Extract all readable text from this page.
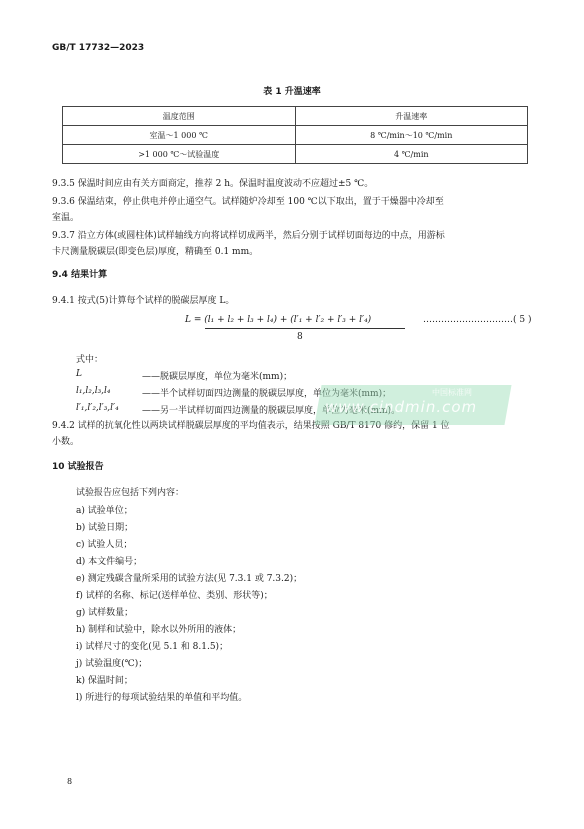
GB/T 17732—2023
表 1 升温速率
温度范围	升温速率
室温～1 000 ℃	8 ℃/min～10 ℃/min
>1 000 ℃～试验温度	4 ℃/min
9.3.5 保温时间应由有关方面商定，推荐 2 h。保温时温度波动不应超过±5 ℃。
9.3.6 保温结束，停止供电并停止通空气。试样随炉冷却至 100 ℃以下取出，置于干燥器中冷却至
室温。
9.3.7 沿立方体(或圆柱体)试样轴线方向将试样切成两半，然后分别于试样切面每边的中点，用游标
卡尺测量脱碳层(即变色层)厚度，精确至 0.1 mm。
9.4 结果计算
9.4.1 按式(5)计算每个试样的脱碳层厚度 L。
L = (l₁ + l₂ + l₃ + l₄) + (l′₁ + l′₂ + l′₃ + l′₄)
8
…………………………( 5 )
式中：
L	——脱碳层厚度，单位为毫米(mm)；
l₁,l₂,l₃,l₄	——半个试样切面四边测量的脱碳层厚度，单位为毫米(mm)；
l′₁,l′₂,l′₃,l′₄	——另一半试样切面四边测量的脱碳层厚度，单位为毫米(mm)。
9.4.2 试样的抗氧化性以两块试样脱碳层厚度的平均值表示，结果按照 GB/T 8170 修约，保留 1 位
小数。
中国标准网
www.cindmin.com
10 试验报告
试验报告应包括下列内容：
a) 试验单位；
b) 试验日期；
c) 试验人员；
d) 本文件编号；
e) 测定残碳含量所采用的试验方法(见 7.3.1 或 7.3.2)；
f) 试样的名称、标记(送样单位、类别、形状等)；
g) 试样数量；
h) 制样和试验中，除水以外所用的液体；
i) 试样尺寸的变化(见 5.1 和 8.1.5)；
j) 试验温度(℃)；
k) 保温时间；
l) 所进行的每项试验结果的单值和平均值。
8
